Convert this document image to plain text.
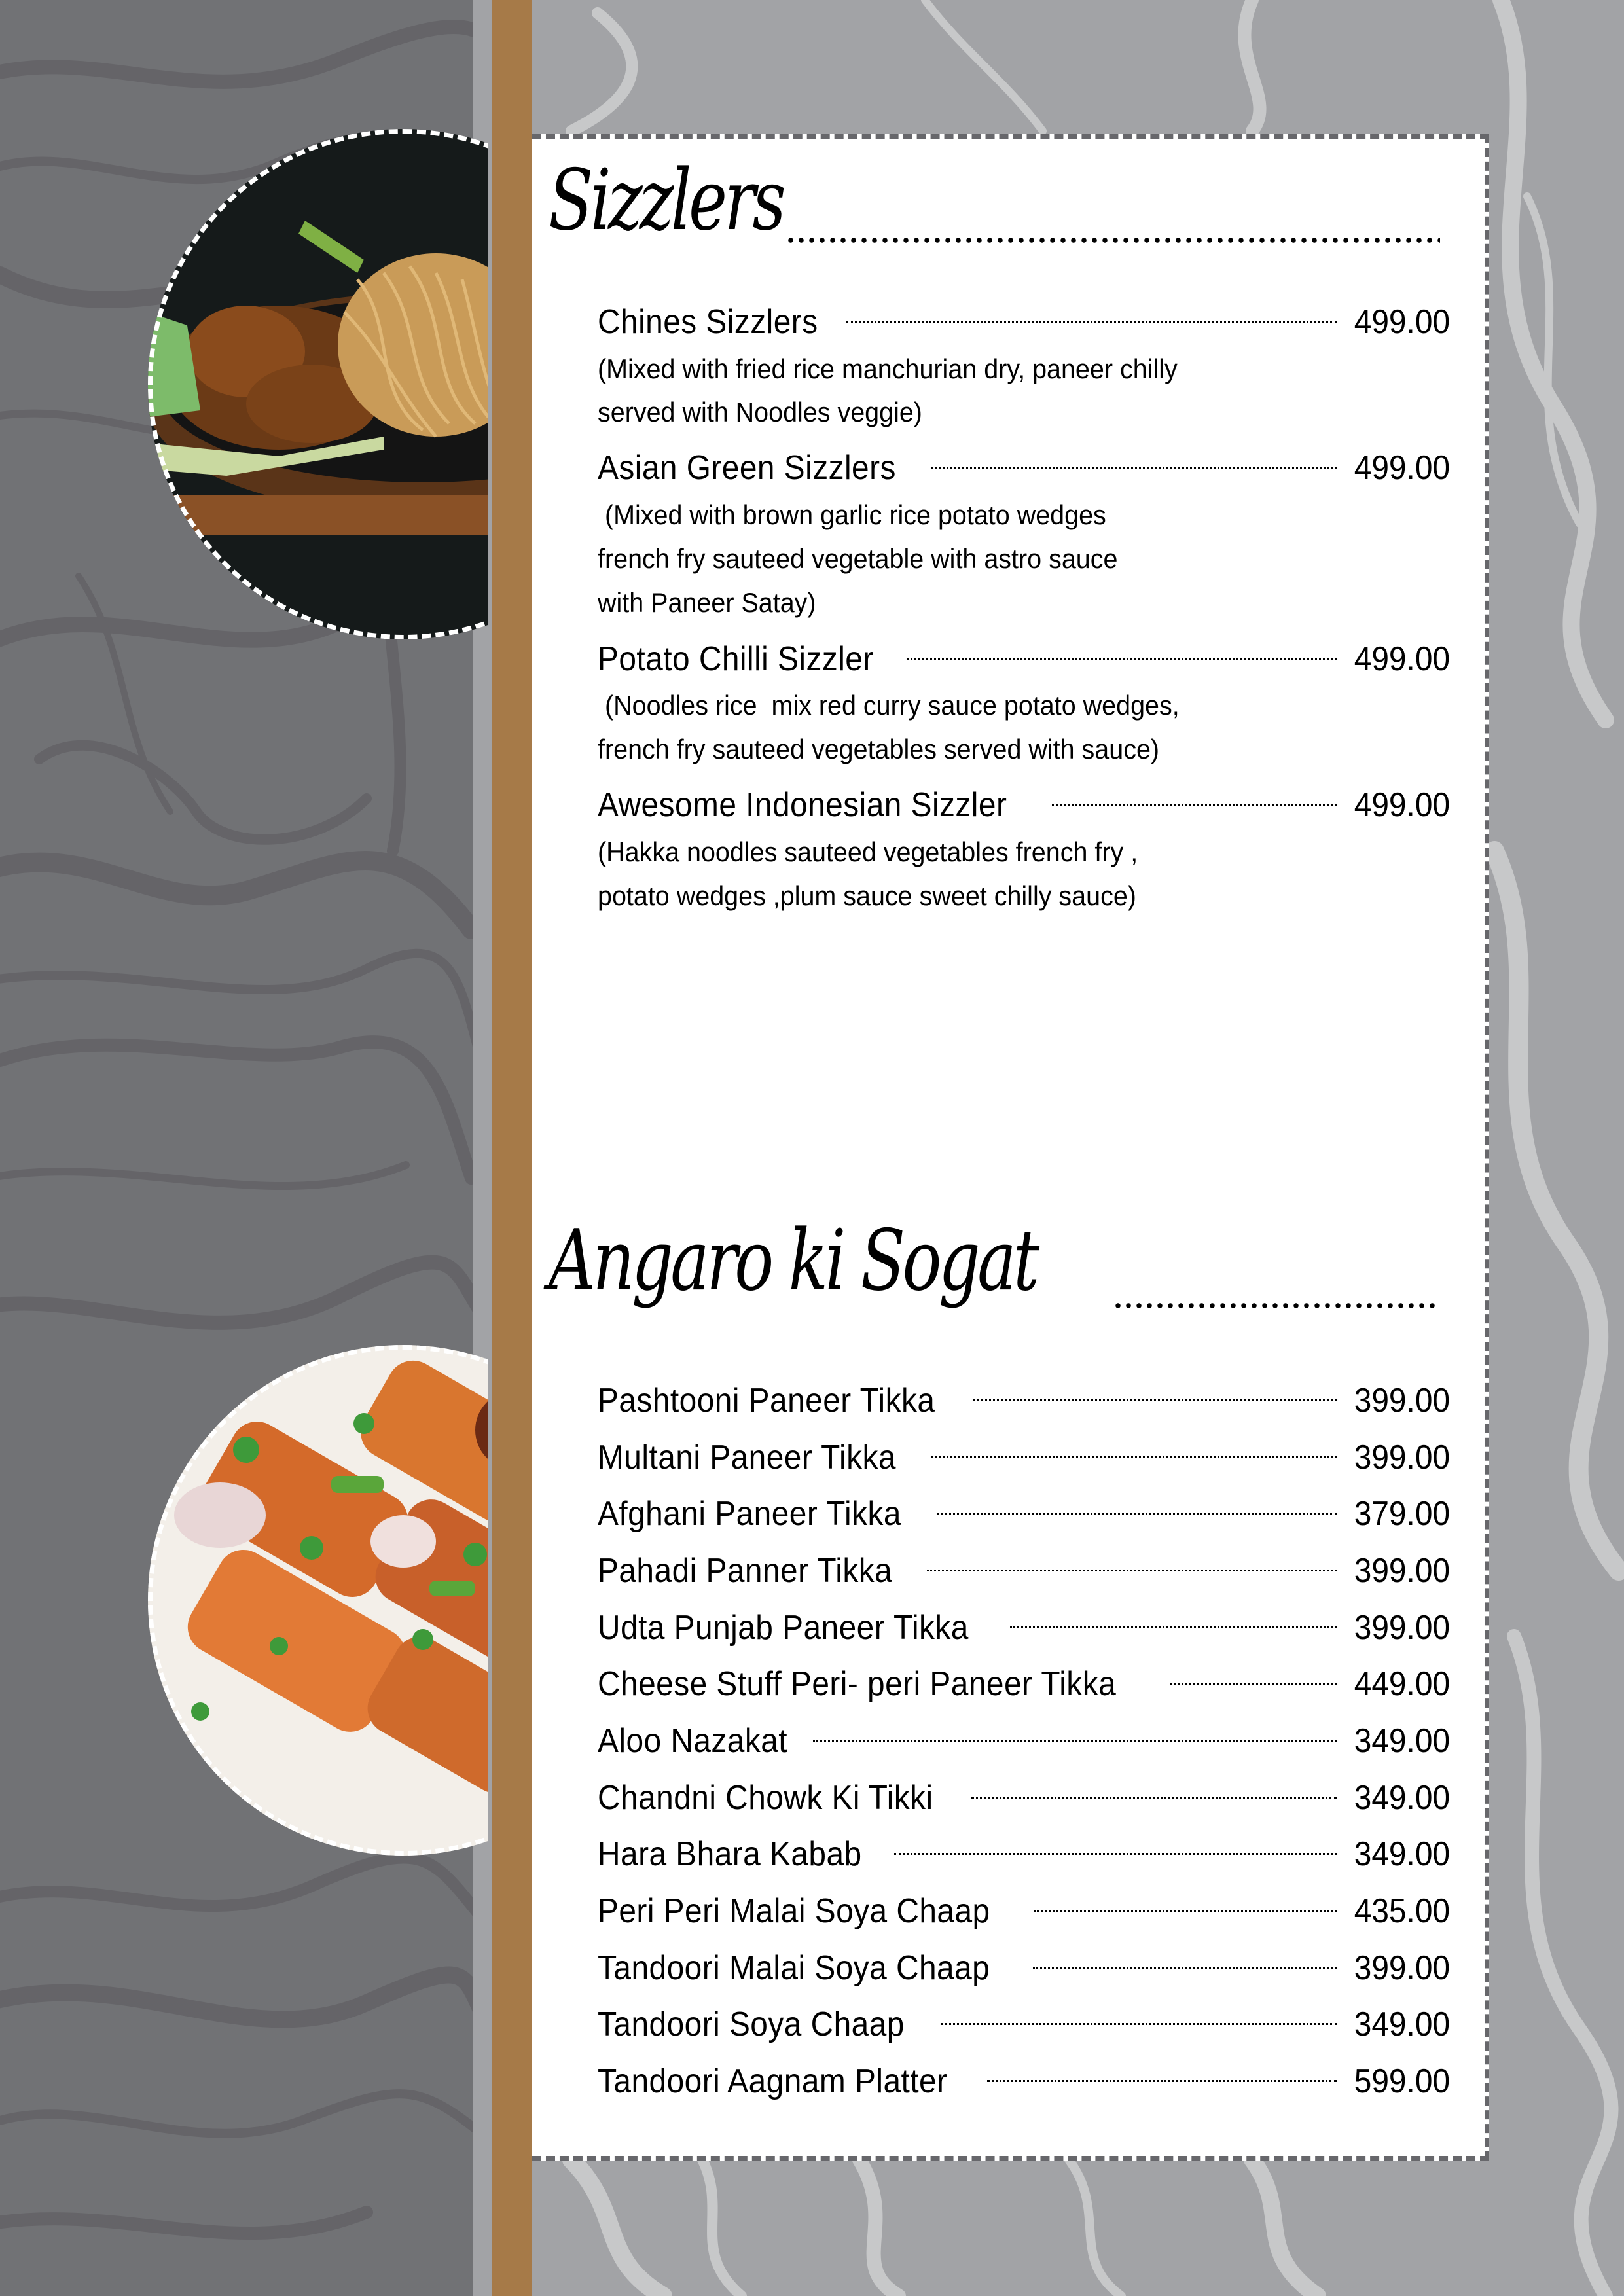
Sizzlers
Chines Sizzlers	499.00
(Mixed with fried rice manchurian dry, paneer chilly
served with Noodles veggie)
Asian Green Sizzlers	499.00
(Mixed with brown garlic rice potato wedges
french fry sauteed vegetable with astro sauce
with Paneer Satay)
Potato Chilli Sizzler	499.00
(Noodles rice  mix red curry sauce potato wedges,
french fry sauteed vegetables served with sauce)
Awesome Indonesian Sizzler	499.00
(Hakka noodles sauteed vegetables french fry ,
potato wedges ,plum sauce sweet chilly sauce)
Angaro ki Sogat
Pashtooni Paneer Tikka	399.00
Multani Paneer Tikka	399.00
Afghani Paneer Tikka	379.00
Pahadi Panner Tikka	399.00
Udta Punjab Paneer Tikka	399.00
Cheese Stuff Peri- peri Paneer Tikka	449.00
Aloo Nazakat	349.00
Chandni Chowk Ki Tikki	349.00
Hara Bhara Kabab	349.00
Peri Peri Malai Soya Chaap	435.00
Tandoori Malai Soya Chaap	399.00
Tandoori Soya Chaap	349.00
Tandoori Aagnam Platter	599.00
